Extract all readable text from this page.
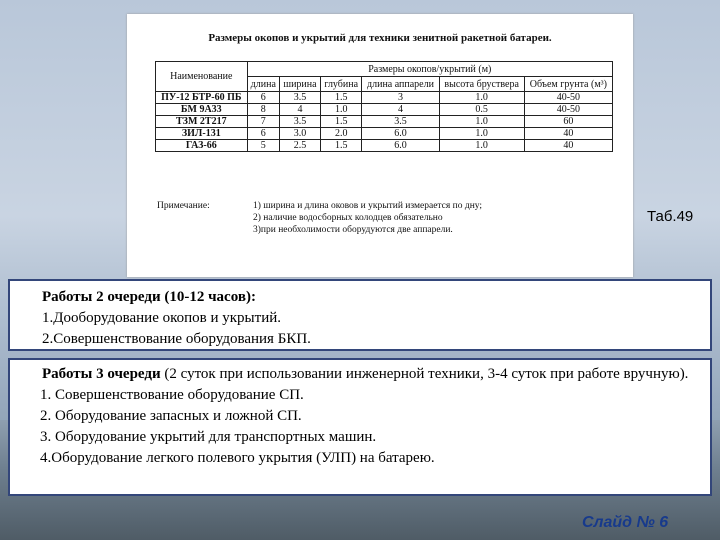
Размеры окопов и укрытий для техники зенитной ракетной батареи.
Наименование	Размеры окопов/укрытий (м)					
	длина	ширина	глубина	длина аппарели	высота бруствера	Объем грунта (м³)
ПУ-12 БТР-60 ПБ	6	3.5	1.5	3	1.0	40-50
БМ 9А33	8	4	1.0	4	0.5	40-50
ТЗМ 2Т217	7	3.5	1.5	3.5	1.0	60
ЗИЛ-131	6	3.0	2.0	6.0	1.0	40
ГАЗ-66	5	2.5	1.5	6.0	1.0	40
Примечание:	1) ширина и длина оковов и укрытий измерается по дну;
2) наличие водосборных колодцев обязательно
3)при необхолимости оборудуются две аппарели.
Таб.49
Работы 2 очереди (10-12 часов):
1.Дооборудование окопов и укрытий.
2.Совершенствование оборудования БКП.
Работы 3 очереди (2 суток при использовании инженерной техники, 3-4 суток при работе вручную).
1. Совершенствование оборудование СП.
2. Оборудование запасных и ложной СП.
3. Оборудование укрытий для транспортных машин.
4.Оборудование легкого полевого укрытия (УЛП) на батарею.
Слайд № 6
